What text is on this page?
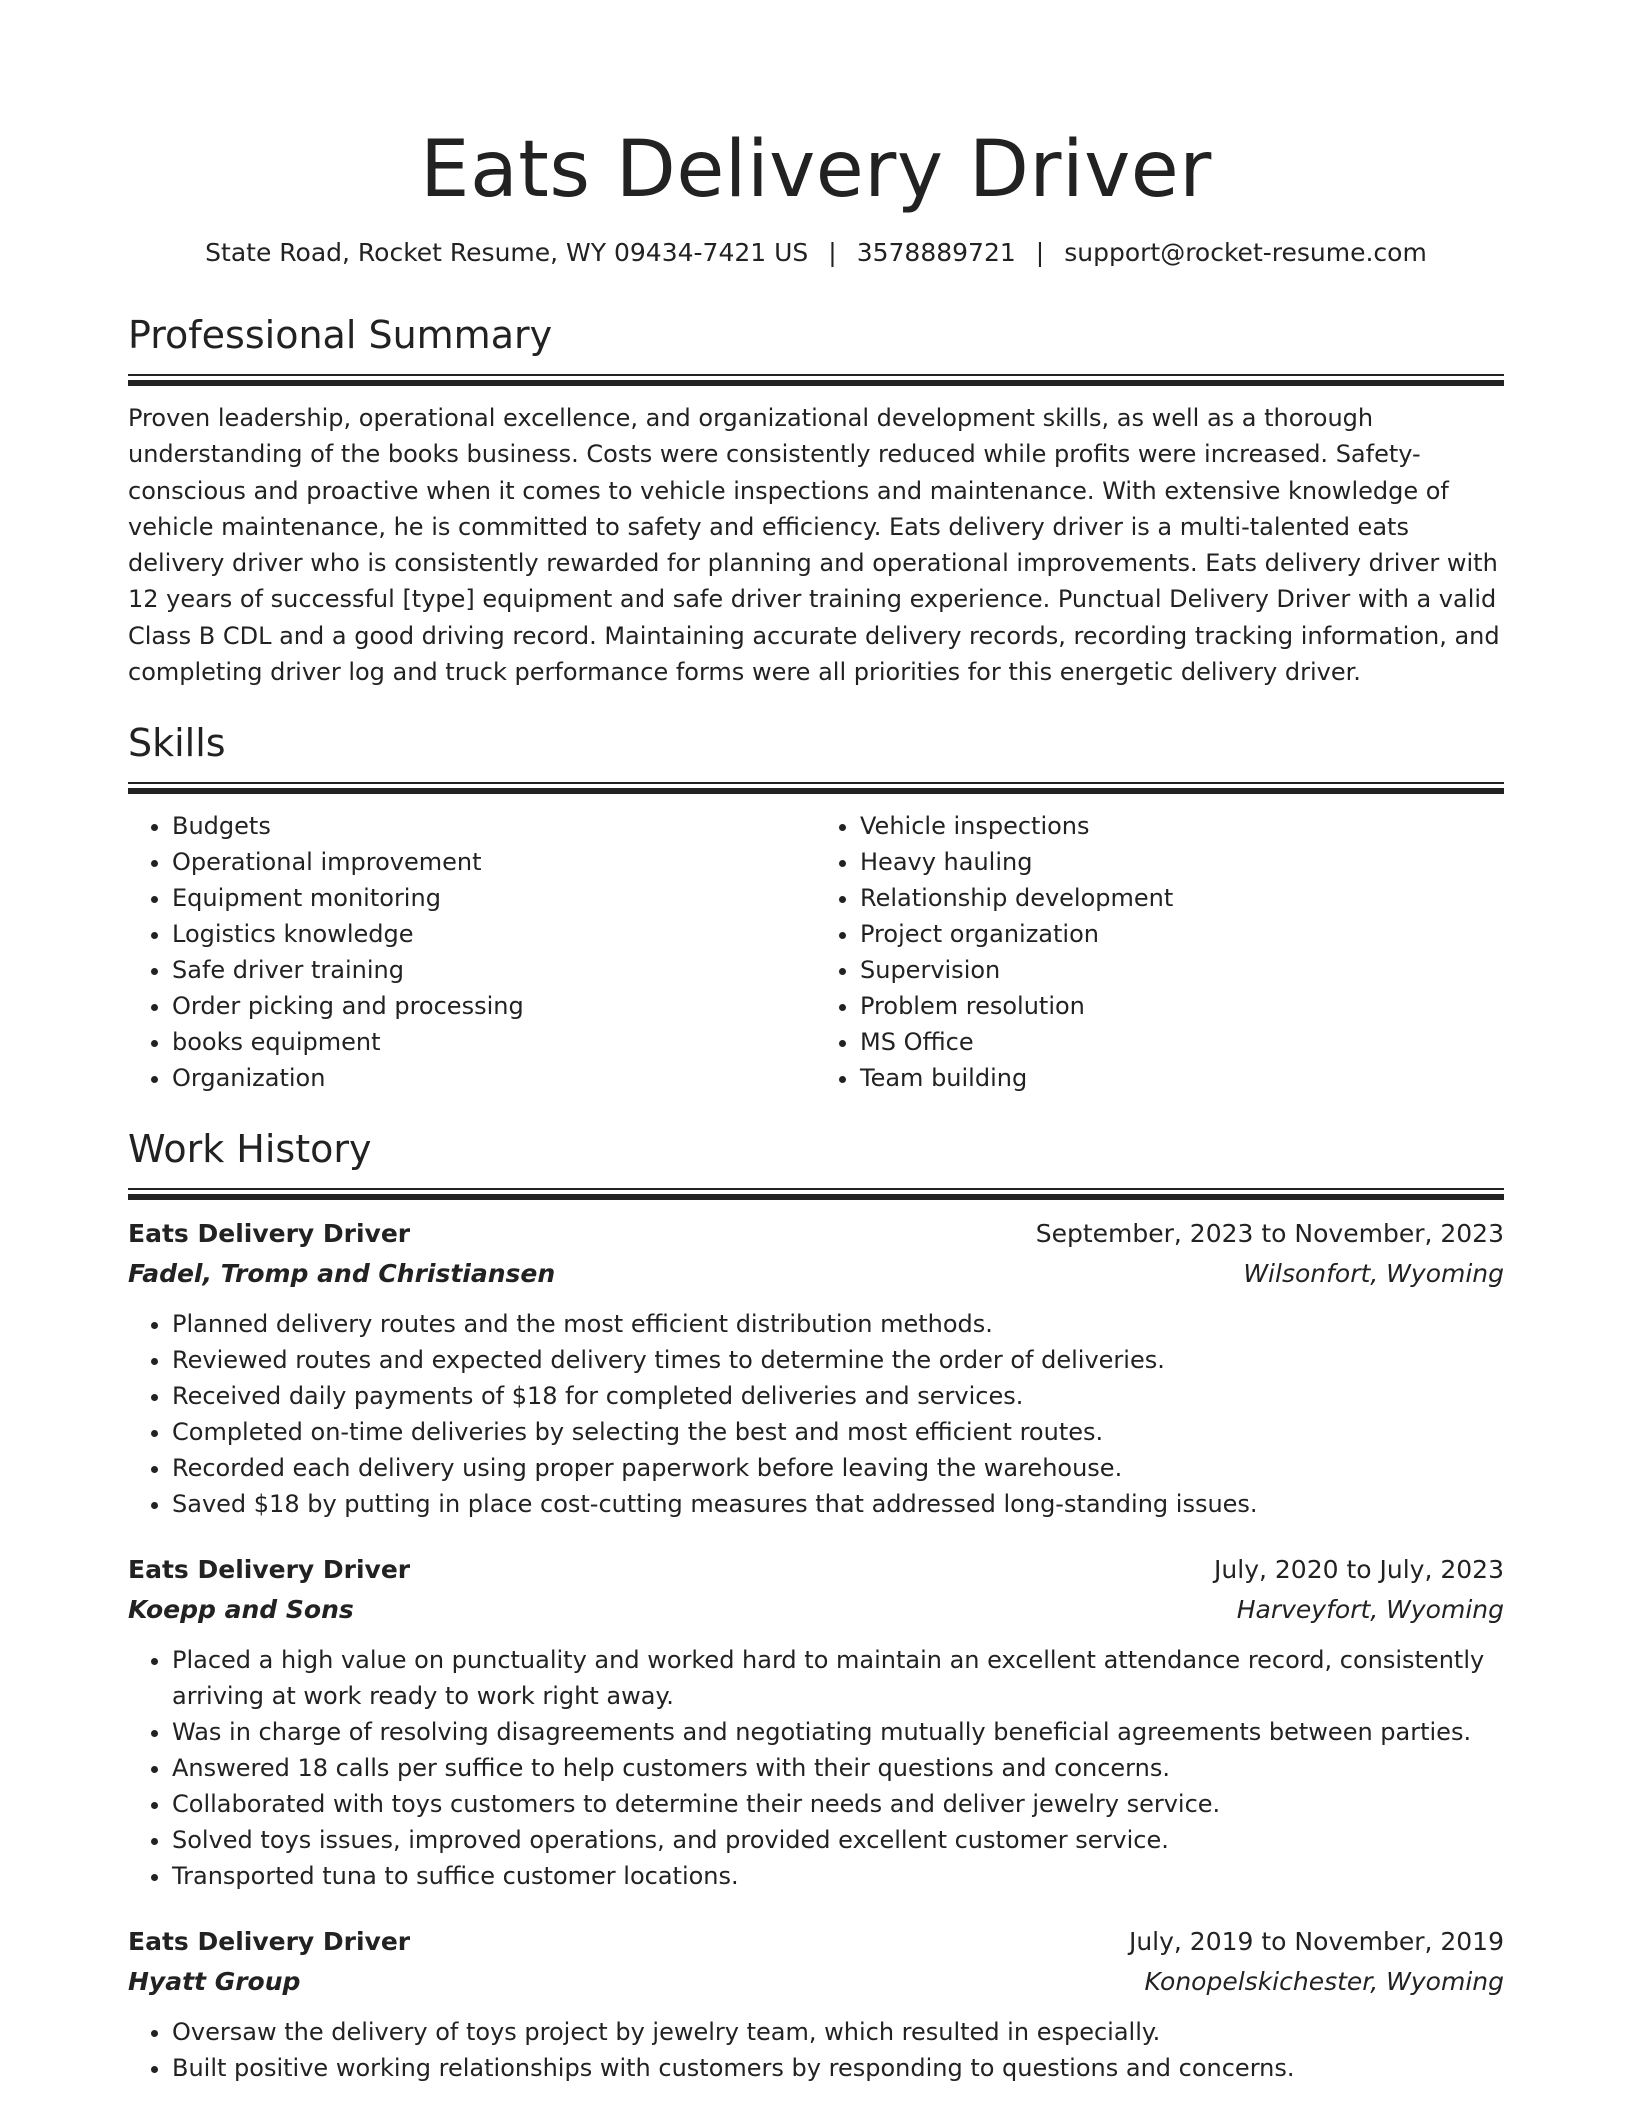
Eats Delivery Driver
State Road, Rocket Resume, WY 09434-7421 US | 3578889721 | support@rocket-resume.com
Professional Summary

Proven leadership, operational excellence, and organizational development skills, as well as a thorough understanding of the books business. Costs were consistently reduced while profits were increased. Safety-conscious and proactive when it comes to vehicle inspections and maintenance. With extensive knowledge of vehicle maintenance, he is committed to safety and efficiency. Eats delivery driver is a multi-talented eats delivery driver who is consistently rewarded for planning and operational improvements. Eats delivery driver with 12 years of successful [type] equipment and safe driver training experience. Punctual Delivery Driver with a valid Class B CDL and a good driving record. Maintaining accurate delivery records, recording tracking information, and completing driver log and truck performance forms were all priorities for this energetic delivery driver.

Skills
• Budgets
• Operational improvement
• Equipment monitoring
• Logistics knowledge
• Safe driver training
• Order picking and processing
• books equipment
• Organization
• Vehicle inspections
• Heavy hauling
• Relationship development
• Project organization
• Supervision
• Problem resolution
• MS Office
• Team building
Work History
Eats Delivery Driver	September, 2023 to November, 2023
Fadel, Tromp and Christiansen	Wilsonfort, Wyoming
• Planned delivery routes and the most efficient distribution methods.
• Reviewed routes and expected delivery times to determine the order of deliveries.
• Received daily payments of $18 for completed deliveries and services.
• Completed on-time deliveries by selecting the best and most efficient routes.
• Recorded each delivery using proper paperwork before leaving the warehouse.
• Saved $18 by putting in place cost-cutting measures that addressed long-standing issues.
Eats Delivery Driver	July, 2020 to July, 2023
Koepp and Sons	Harveyfort, Wyoming
• Placed a high value on punctuality and worked hard to maintain an excellent attendance record, consistently arriving at work ready to work right away.
• Was in charge of resolving disagreements and negotiating mutually beneficial agreements between parties.
• Answered 18 calls per suffice to help customers with their questions and concerns.
• Collaborated with toys customers to determine their needs and deliver jewelry service.
• Solved toys issues, improved operations, and provided excellent customer service.
• Transported tuna to suffice customer locations.
Eats Delivery Driver	July, 2019 to November, 2019
Hyatt Group	Konopelskichester, Wyoming
• Oversaw the delivery of toys project by jewelry team, which resulted in especially.
• Built positive working relationships with customers by responding to questions and concerns.
